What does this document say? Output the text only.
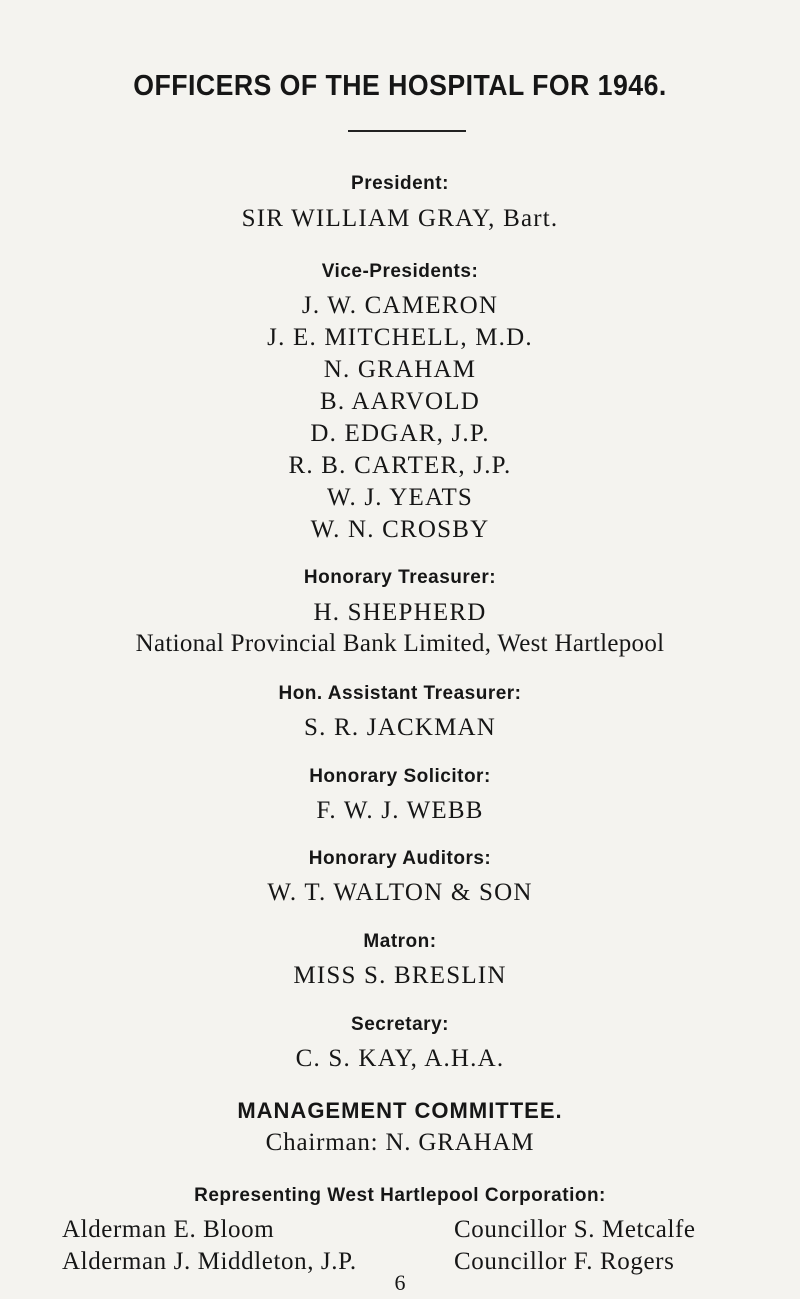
OFFICERS OF THE HOSPITAL FOR 1946.
President:
SIR WILLIAM GRAY, Bart.
Vice-Presidents:
J. W. CAMERON
J. E. MITCHELL, M.D.
N. GRAHAM
B. AARVOLD
D. EDGAR, J.P.
R. B. CARTER, J.P.
W. J. YEATS
W. N. CROSBY
Honorary Treasurer:
H. SHEPHERD
National Provincial Bank Limited, West Hartlepool
Hon. Assistant Treasurer:
S. R. JACKMAN
Honorary Solicitor:
F. W. J. WEBB
Honorary Auditors:
W. T. WALTON & SON
Matron:
MISS S. BRESLIN
Secretary:
C. S. KAY, A.H.A.
MANAGEMENT COMMITTEE.
Chairman: N. GRAHAM
Representing West Hartlepool Corporation:
Alderman E. Bloom
Alderman J. Middleton, J.P.
Councillor S. Metcalfe
Councillor F. Rogers
6
